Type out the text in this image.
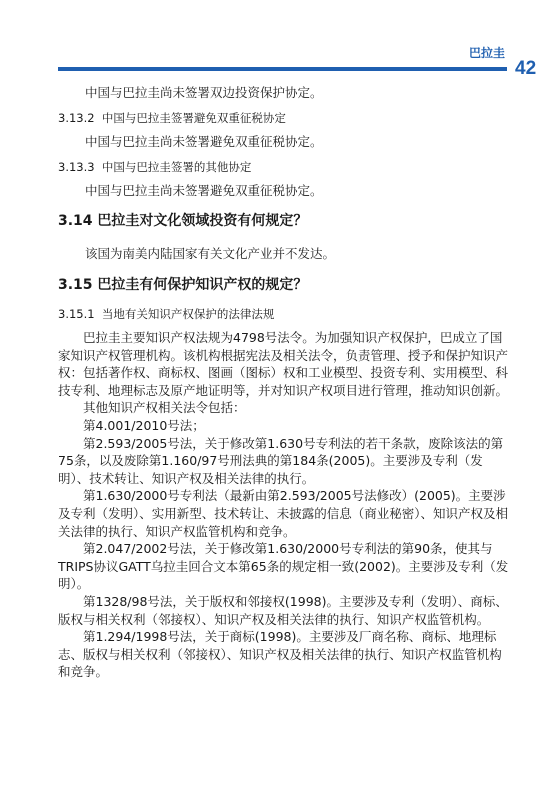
巴拉圭
42

中国与巴拉圭尚未签署双边投资保护协定。

3.13.2 中国与巴拉圭签署避免双重征税协定

中国与巴拉圭尚未签署避免双重征税协定。

3.13.3 中国与巴拉圭签署的其他协定

中国与巴拉圭尚未签署避免双重征税协定。

3.14 巴拉圭对文化领域投资有何规定？

该国为南美内陆国家有关文化产业并不发达。

3.15 巴拉圭有何保护知识产权的规定？

3.15.1 当地有关知识产权保护的法律法规

巴拉圭主要知识产权法规为4798号法令。为加强知识产权保护，巴成立了国家知识产权管理机构。该机构根据宪法及相关法令，负责管理、授予和保护知识产权：包括著作权、商标权、图画（图标）权和工业模型、投资专利、实用模型、科技专利、地理标志及原产地证明等，并对知识产权项目进行管理，推动知识创新。

其他知识产权相关法令包括：

第4.001/2010号法；

第2.593/2005号法，关于修改第1.630号专利法的若干条款，废除该法的第75条，以及废除第1.160/97号刑法典的第184条(2005)。主要涉及专利（发明）、技术转让、知识产权及相关法律的执行。

第1.630/2000号专利法（最新由第2.593/2005号法修改）(2005)。主要涉及专利（发明）、实用新型、技术转让、未披露的信息（商业秘密）、知识产权及相关法律的执行、知识产权监管机构和竞争。

第2.047/2002号法，关于修改第1.630/2000号专利法的第90条，使其与TRIPS协议GATT乌拉圭回合文本第65条的规定相一致(2002)。主要涉及专利（发明）。

第1328/98号法，关于版权和邻接权(1998)。主要涉及专利（发明）、商标、版权与相关权利（邻接权）、知识产权及相关法律的执行、知识产权监管机构。

第1.294/1998号法，关于商标(1998)。主要涉及厂商名称、商标、地理标志、版权与相关权利（邻接权）、知识产权及相关法律的执行、知识产权监管机构和竞争。
